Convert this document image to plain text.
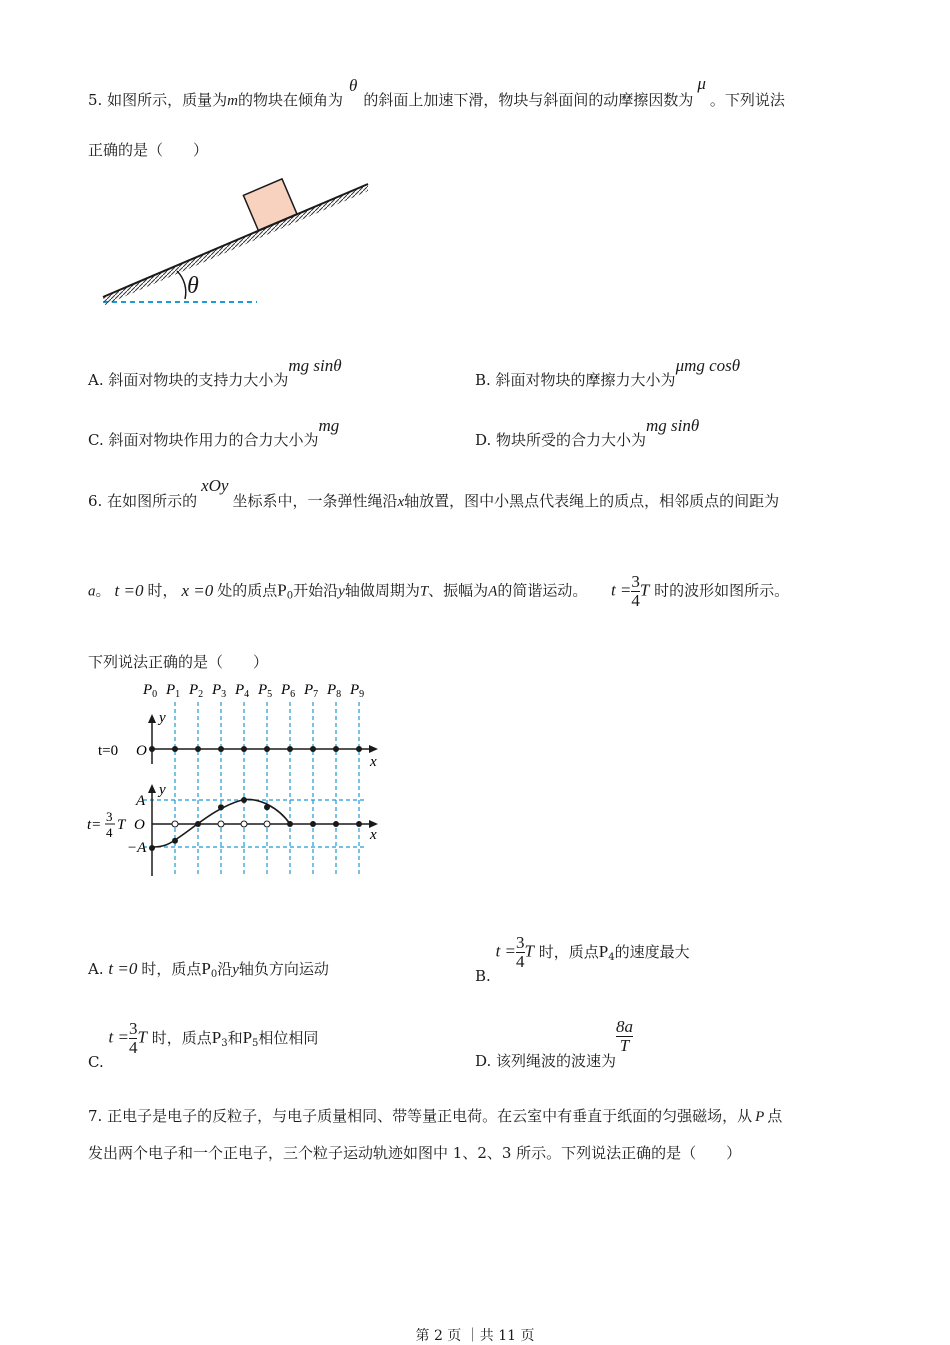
5. 如图所示，质量为m的物块在倾角为θ的斜面上加速下滑，物块与斜面间的动摩擦因数为μ。下列说法
正确的是（　　）
θ
A. 斜面对物块的支持力大小为mg sinθ
B. 斜面对物块的摩擦力大小为μmg cosθ
C. 斜面对物块作用力的合力大小为mg
D. 物块所受的合力大小为mg sinθ
6. 在如图所示的xOy坐标系中，一条弹性绳沿x轴放置，图中小黑点代表绳上的质点，相邻质点的间距为
a。 t =0 时， x =0 处的质点$P_0$开始沿y轴做周期为T、振幅为A的简谐运动。 $t = \frac{3}{4}$ T 时的波形如图所示。
下列说法正确的是（　　）
$P_0$ $P_1$ $P_2$ $P_3$ $P_4$ $P_5$ $P_6$ $P_7$ $P_8$ $P_9$
y
x
O
t=0
y
x
O
A
−A
t=
3
4 T
A. t =0 时，质点$P_0$沿y轴负方向运动	B. $t = \frac{3}{4}$ T 时，质点$P_4$的速度最大
C. $t = \frac{3}{4}$ T 时，质点$P_3$和$P_5$相位相同
D. 该列绳波的波速为
$\frac{8a}{T}$
7. 正电子是电子的反粒子，与电子质量相同、带等量正电荷。在云室中有垂直于纸面的匀强磁场，从 P 点
发出两个电子和一个正电子，三个粒子运动轨迹如图中 1、2、3 所示。下列说法正确的是（　　）
第 2 页 ｜共 11 页
